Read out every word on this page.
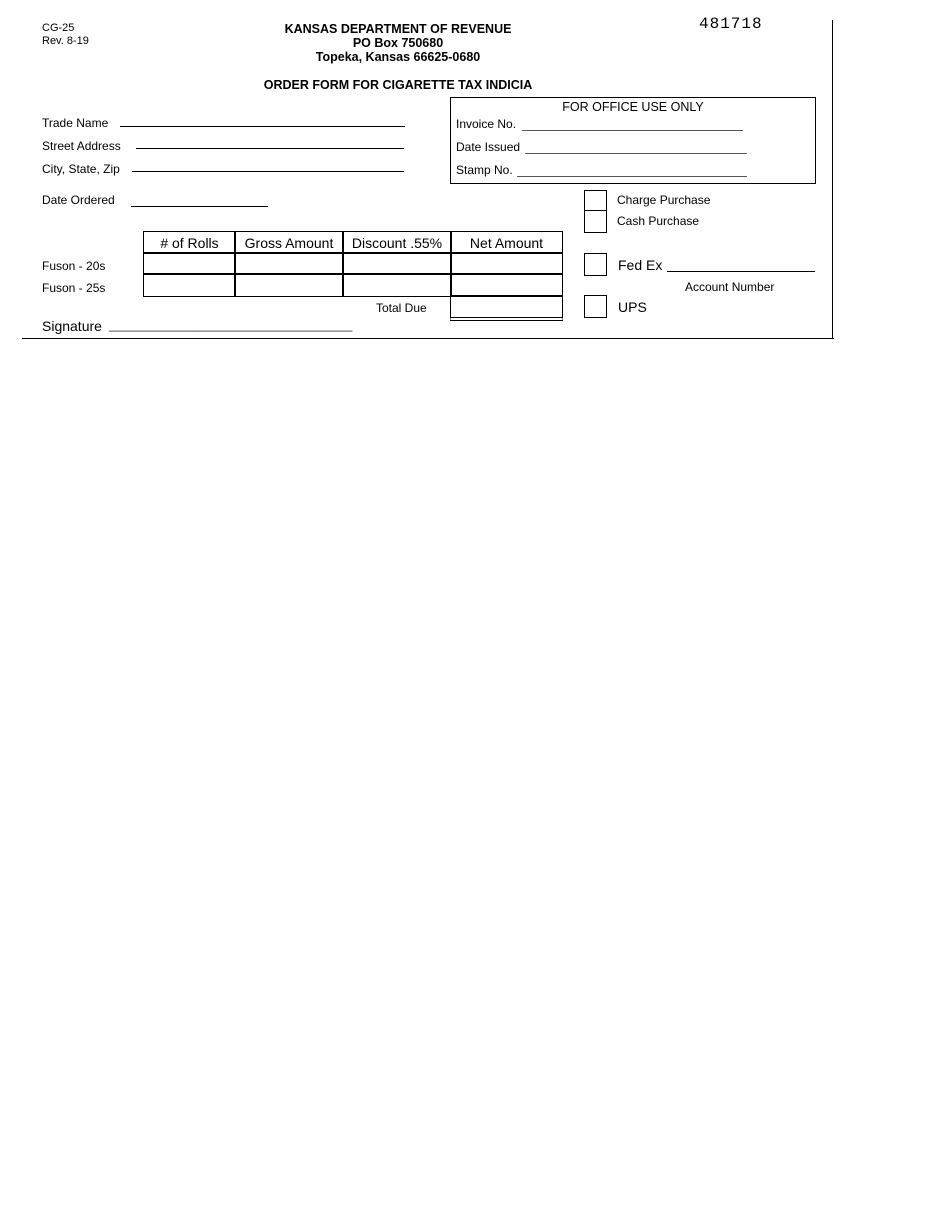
CG-25
Rev. 8-19
KANSAS DEPARTMENT OF REVENUE
PO Box 750680
Topeka, Kansas 66625-0680
481718
ORDER FORM FOR CIGARETTE TAX INDICIA
Trade Name
Street Address
City, State, Zip
Date Ordered
FOR OFFICE USE ONLY
Invoice No.
Date Issued
Stamp No.
Charge Purchase
Cash Purchase
# of Rolls	Gross Amount	Discount .55%	Net Amount
Fuson - 20s
Fuson - 25s
Total Due
Fed Ex
Account Number
UPS
Signature ___________________________________
